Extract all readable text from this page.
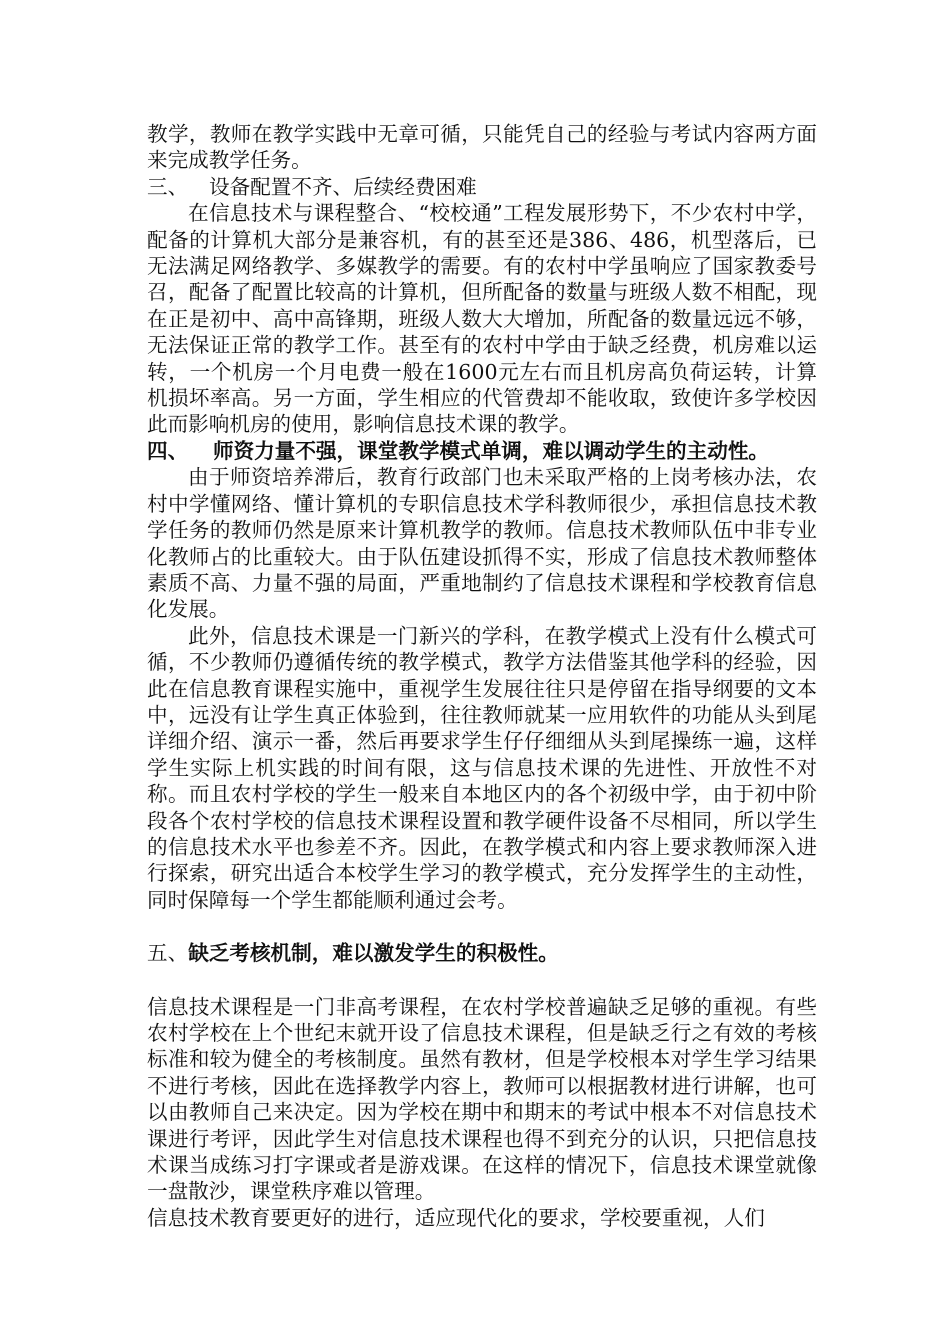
教学，教师在教学实践中无章可循，只能凭自己的经验与考试内容两方面来完成教学任务。

三、 设备配置不齐、后续经费困难

在信息技术与课程整合、“校校通”工程发展形势下，不少农村中学，配备的计算机大部分是兼容机，有的甚至还是386、486，机型落后，已无法满足网络教学、多媒教学的需要。有的农村中学虽响应了国家教委号召，配备了配置比较高的计算机，但所配备的数量与班级人数不相配，现在正是初中、高中高锋期，班级人数大大增加，所配备的数量远远不够，无法保证正常的教学工作。甚至有的农村中学由于缺乏经费，机房难以运转，一个机房一个月电费一般在1600元左右而且机房高负荷运转，计算机损坏率高。另一方面，学生相应的代管费却不能收取，致使许多学校因此而影响机房的使用，影响信息技术课的教学。

四、 师资力量不强，课堂教学模式单调，难以调动学生的主动性。

由于师资培养滞后，教育行政部门也未采取严格的上岗考核办法，农村中学懂网络、懂计算机的专职信息技术学科教师很少，承担信息技术教学任务的教师仍然是原来计算机教学的教师。信息技术教师队伍中非专业化教师占的比重较大。由于队伍建设抓得不实，形成了信息技术教师整体素质不高、力量不强的局面，严重地制约了信息技术课程和学校教育信息化发展。

此外，信息技术课是一门新兴的学科，在教学模式上没有什么模式可循，不少教师仍遵循传统的教学模式，教学方法借鉴其他学科的经验，因此在信息教育课程实施中，重视学生发展往往只是停留在指导纲要的文本中，远没有让学生真正体验到，往往教师就某一应用软件的功能从头到尾详细介绍、演示一番，然后再要求学生仔仔细细从头到尾操练一遍，这样学生实际上机实践的时间有限，这与信息技术课的先进性、开放性不对称。而且农村学校的学生一般来自本地区内的各个初级中学，由于初中阶段各个农村学校的信息技术课程设置和教学硬件设备不尽相同，所以学生的信息技术水平也参差不齐。因此，在教学模式和内容上要求教师深入进行探索，研究出适合本校学生学习的教学模式，充分发挥学生的主动性，同时保障每一个学生都能顺利通过会考。

五、缺乏考核机制，难以激发学生的积极性。

信息技术课程是一门非高考课程，在农村学校普遍缺乏足够的重视。有些农村学校在上个世纪末就开设了信息技术课程，但是缺乏行之有效的考核标准和较为健全的考核制度。虽然有教材，但是学校根本对学生学习结果不进行考核，因此在选择教学内容上，教师可以根据教材进行讲解，也可以由教师自己来决定。因为学校在期中和期末的考试中根本不对信息技术课进行考评，因此学生对信息技术课程也得不到充分的认识，只把信息技术课当成练习打字课或者是游戏课。在这样的情况下，信息技术课堂就像一盘散沙，课堂秩序难以管理。

信息技术教育要更好的进行，适应现代化的要求，学校要重视，人们
